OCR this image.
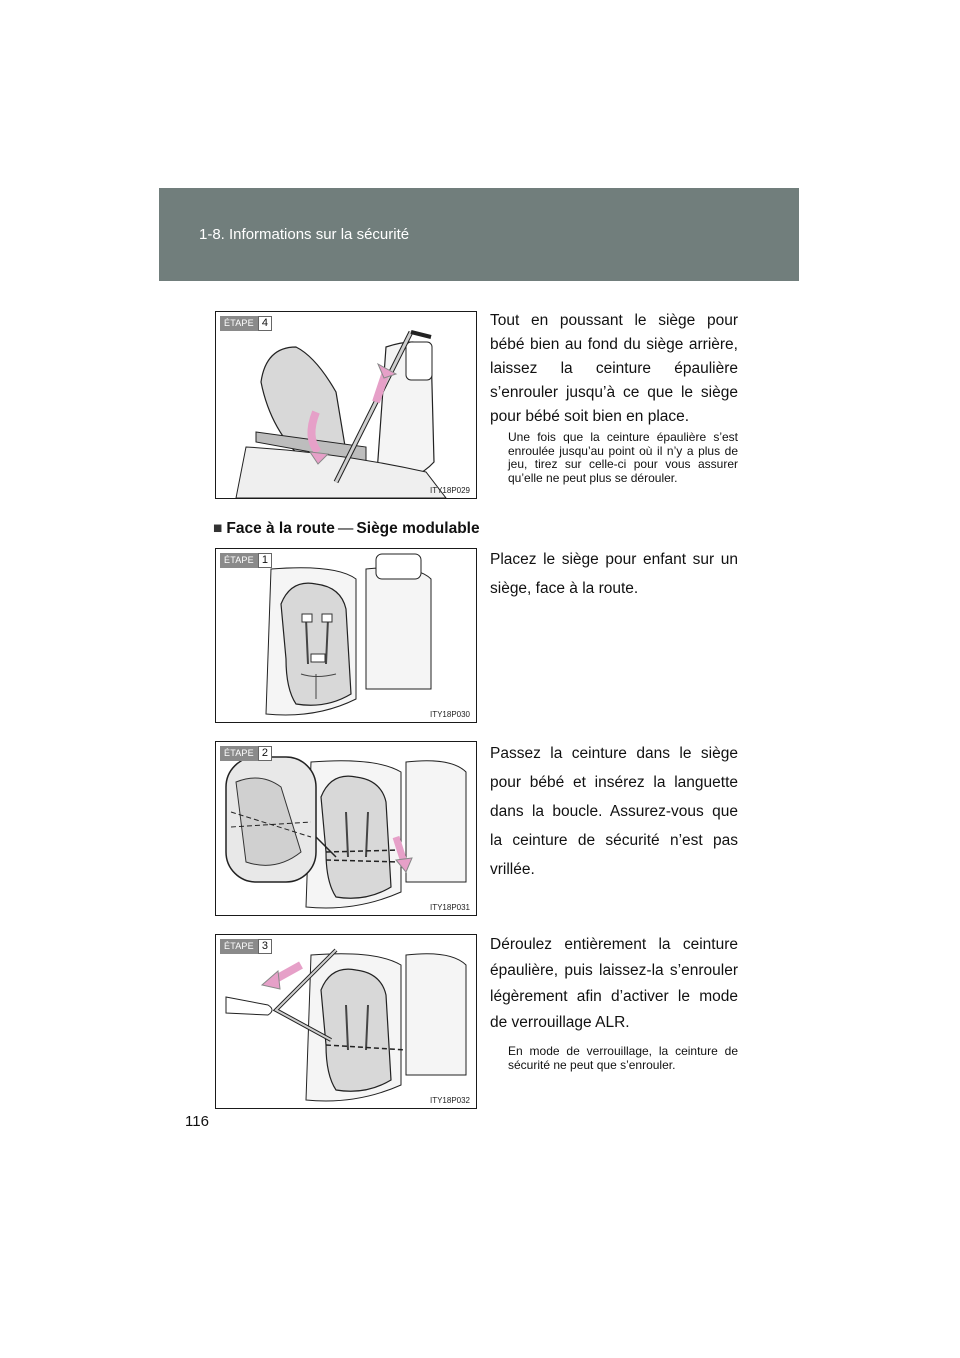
1-8. Informations sur la sécurité
ÉTAPE 4
ITY18P029
Tout en poussant le siège pour bébé bien au fond du siège arrière, laissez la ceinture épaulière s’enrouler jusqu’à ce que le siège pour bébé soit bien en place.
Une fois que la ceinture épaulière s’est enroulée jusqu’au point où il n’y a plus de jeu, tirez sur celle-ci pour vous assurer qu’elle ne peut plus se dérouler.
■ Face à la route — Siège modulable
ÉTAPE 1
ITY18P030
Placez le siège pour enfant sur un siège, face à la route.
ÉTAPE 2
ITY18P031
Passez la ceinture dans le siège pour bébé et insérez la languette dans la boucle. Assurez-vous que la ceinture de sécurité n’est pas vrillée.
ÉTAPE 3
ITY18P032
Déroulez entièrement la ceinture épaulière, puis laissez-la s’enrouler légèrement afin d’activer le mode de verrouillage ALR.
En mode de verrouillage, la ceinture de sécurité ne peut que s’enrouler.
116
